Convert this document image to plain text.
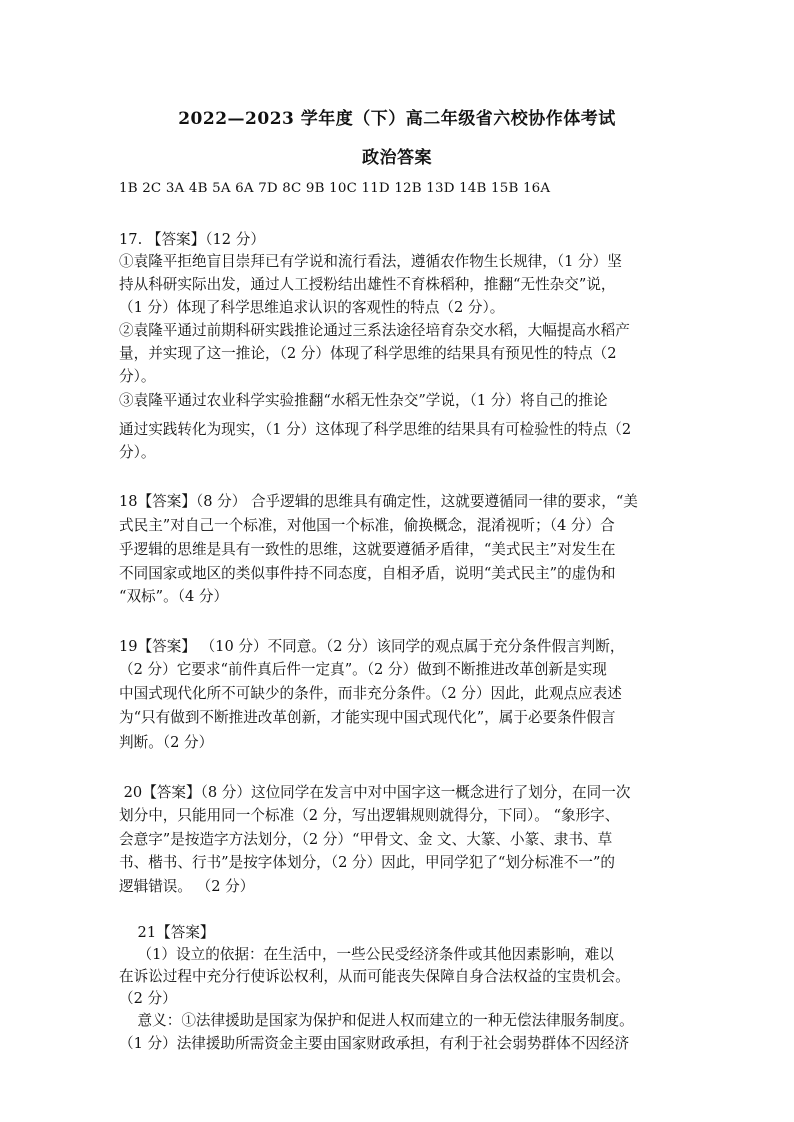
2022—2023 学年度（下）高二年级省六校协作体考试
政治答案
1B 2C 3A 4B 5A 6A 7D 8C 9B 10C 11D 12B 13D 14B 15B 16A
17. 【答案】（12 分）
①袁隆平拒绝盲目崇拜已有学说和流行看法，遵循农作物生长规律，（1 分）坚
持从科研实际出发，通过人工授粉结出雄性不育株稻种，推翻“无性杂交”说，
（1 分）体现了科学思维追求认识的客观性的特点（2 分）。
②袁隆平通过前期科研实践推论通过三系法途径培育杂交水稻，大幅提高水稻产
量，并实现了这一推论，（2 分）体现了科学思维的结果具有预见性的特点（2
分）。
③袁隆平通过农业科学实验推翻“水稻无性杂交”学说，（1 分）将自己的推论
通过实践转化为现实，（1 分）这体现了科学思维的结果具有可检验性的特点（2
分）。
18【答案】（8 分） 合乎逻辑的思维具有确定性，这就要遵循同一律的要求，“美
式民主”对自己一个标准，对他国一个标准，偷换概念，混淆视听；（4 分）合
乎逻辑的思维是具有一致性的思维，这就要遵循矛盾律，“美式民主”对发生在
不同国家或地区的类似事件持不同态度，自相矛盾，说明“美式民主”的虚伪和
“双标”。（4 分）
19【答案】 （10 分）不同意。（2 分）该同学的观点属于充分条件假言判断，
（2 分）它要求“前件真后件一定真”。（2 分）做到不断推进改革创新是实现
中国式现代化所不可缺少的条件，而非充分条件。（2 分）因此，此观点应表述
为“只有做到不断推进改革创新，才能实现中国式现代化”，属于必要条件假言
判断。（2 分）
20【答案】（8 分）这位同学在发言中对中国字这一概念进行了划分，在同一次
划分中，只能用同一个标准（2 分，写出逻辑规则就得分，下同）。 “象形字、
会意字”是按造字方法划分，（2 分）“甲骨文、金 文、大篆、小篆、隶书、草
书、楷书、行书”是按字体划分，（2 分）因此，甲同学犯了“划分标准不一”的
逻辑错误。 （2 分）
21【答案】
（1）设立的依据：在生活中，一些公民受经济条件或其他因素影响，难以
在诉讼过程中充分行使诉讼权利，从而可能丧失保障自身合法权益的宝贵机会。
（2 分）
意义：①法律援助是国家为保护和促进人权而建立的一种无偿法律服务制度。
（1 分）法律援助所需资金主要由国家财政承担，有利于社会弱势群体不因经济
